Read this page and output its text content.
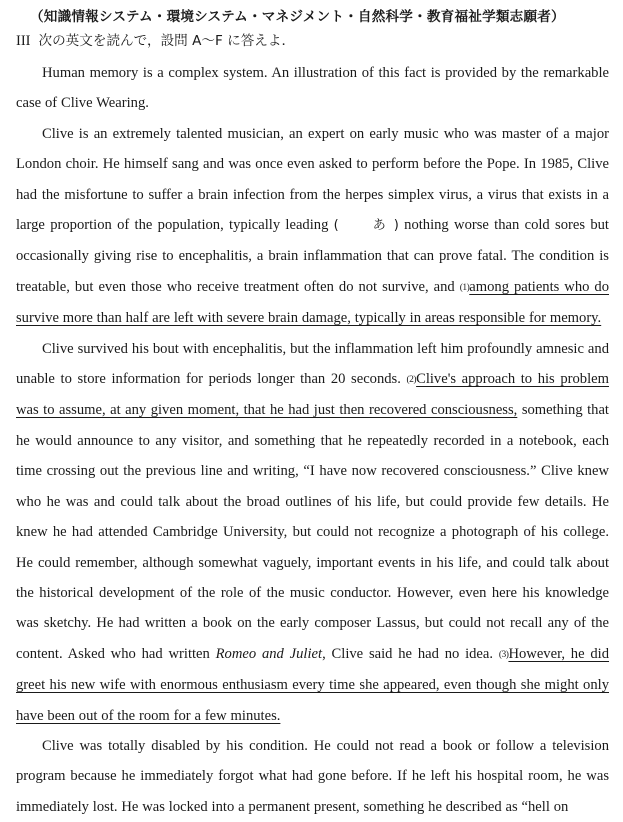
（知識情報システム・環境システム・マネジメント・自然科学・教育福祉学類志願者）
III 次の英文を読んで，設問 A～F に答えよ．

Human memory is a complex system. An illustration of this fact is provided by the remarkable case of Clive Wearing.

Clive is an extremely talented musician, an expert on early music who was master of a major London choir. He himself sang and was once even asked to perform before the Pope. In 1985, Clive had the misfortune to suffer a brain infection from the herpes simplex virus, a virus that exists in a large proportion of the population, typically leading (	あ ) nothing worse than cold sores but occasionally giving rise to encephalitis, a brain inflammation that can prove fatal. The condition is treatable, but even those who receive treatment often do not survive, and (1)among patients who do survive more than half are left with severe brain damage, typically in areas responsible for memory.

Clive survived his bout with encephalitis, but the inflammation left him profoundly amnesic and unable to store information for periods longer than 20 seconds. (2)Clive's approach to his problem was to assume, at any given moment, that he had just then recovered consciousness, something that he would announce to any visitor, and something that he repeatedly recorded in a notebook, each time crossing out the previous line and writing, “I have now recovered consciousness.” Clive knew who he was and could talk about the broad outlines of his life, but could provide few details. He knew he had attended Cambridge University, but could not recognize a photograph of his college. He could remember, although somewhat vaguely, important events in his life, and could talk about the historical development of the role of the music conductor. However, even here his knowledge was sketchy. He had written a book on the early composer Lassus, but could not recall any of the content. Asked who had written Romeo and Juliet, Clive said he had no idea. (3)However, he did greet his new wife with enormous enthusiasm every time she appeared, even though she might only have been out of the room for a few minutes.

Clive was totally disabled by his condition. He could not read a book or follow a television program because he immediately forgot what had gone before. If he left his hospital room, he was immediately lost. He was locked into a permanent present, something he described as “hell on
